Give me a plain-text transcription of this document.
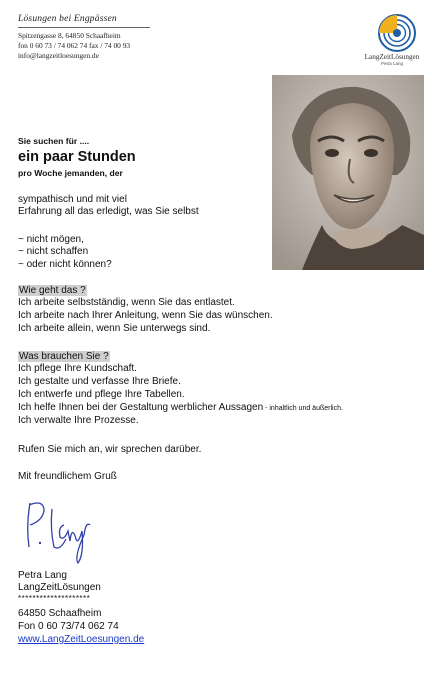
Lösungen bei Engpässen
Spitzengasse 8, 64850 Schaafheim
fon 0 60 73 / 74 062 74 fax / 74 00 93
info@langzeitloesungen.de	LangZeitLösungen
Petra Lang
Sie suchen für ....
ein paar Stunden
pro Woche jemanden, der
sympathisch und mit viel
Erfahrung all das erledigt, was Sie selbst
~ nicht mögen,
~ nicht schaffen
~ oder nicht können?
Wie geht das ?
Ich arbeite selbstständig, wenn Sie das entlastet.
Ich arbeite nach Ihrer Anleitung, wenn Sie das wünschen.
Ich arbeite allein, wenn Sie unterwegs sind.
Was brauchen Sie ?
Ich pflege Ihre Kundschaft.
Ich gestalte und verfasse Ihre Briefe.
Ich entwerfe und pflege Ihre Tabellen.
Ich helfe Ihnen bei der Gestaltung werblicher Aussagen - inhaltlich und äußerlich.
Ich verwalte Ihre Prozesse.
Rufen Sie mich an, wir sprechen darüber.
Mit freundlichem Gruß
Petra Lang
LangZeitLösungen
********************
64850 Schaafheim
Fon 0 60 73/74 062 74
www.LangZeitLoesungen.de
